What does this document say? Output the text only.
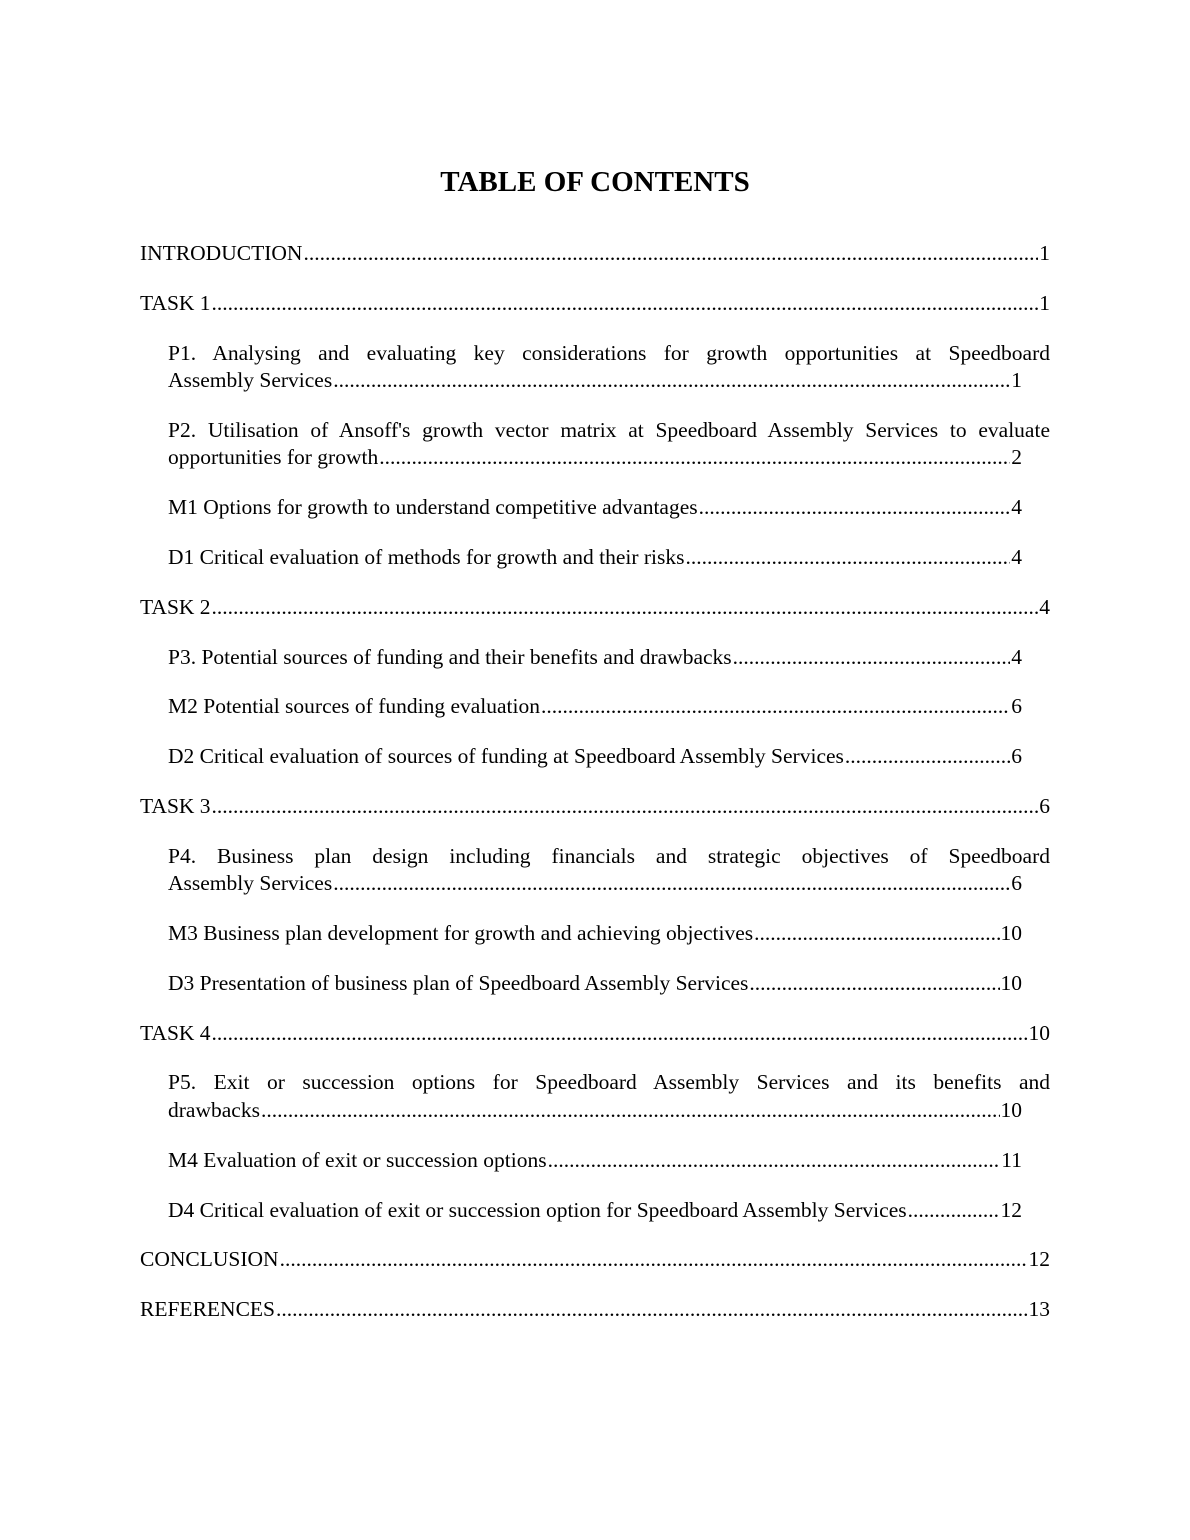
TABLE OF CONTENTS
INTRODUCTION .....	1
TASK 1 .....	1
P1. Analysing and evaluating key considerations for growth opportunities at Speedboard
Assembly Services .....	1
P2. Utilisation of Ansoff's growth vector matrix at Speedboard Assembly Services to evaluate
opportunities for growth .....	2
M1 Options for growth to understand competitive advantages .....	4
D1 Critical evaluation of methods for growth and their risks .....	4
TASK 2 .....	4
P3. Potential sources of funding and their benefits and drawbacks .....	4
M2 Potential sources of funding evaluation .....	6
D2 Critical evaluation of sources of funding at Speedboard Assembly Services .....	6
TASK 3 .....	6
P4. Business plan design including financials and strategic objectives of Speedboard
Assembly Services .....	6
M3 Business plan development for growth and achieving objectives .....	10
D3 Presentation of business plan of Speedboard Assembly Services .....	10
TASK 4 .....	10
P5. Exit or succession options for Speedboard Assembly Services and its benefits and
drawbacks .....	10
M4 Evaluation of exit or succession options .....	11
D4 Critical evaluation of exit or succession option for Speedboard Assembly Services .....	12
CONCLUSION .....	12
REFERENCES .....	13
